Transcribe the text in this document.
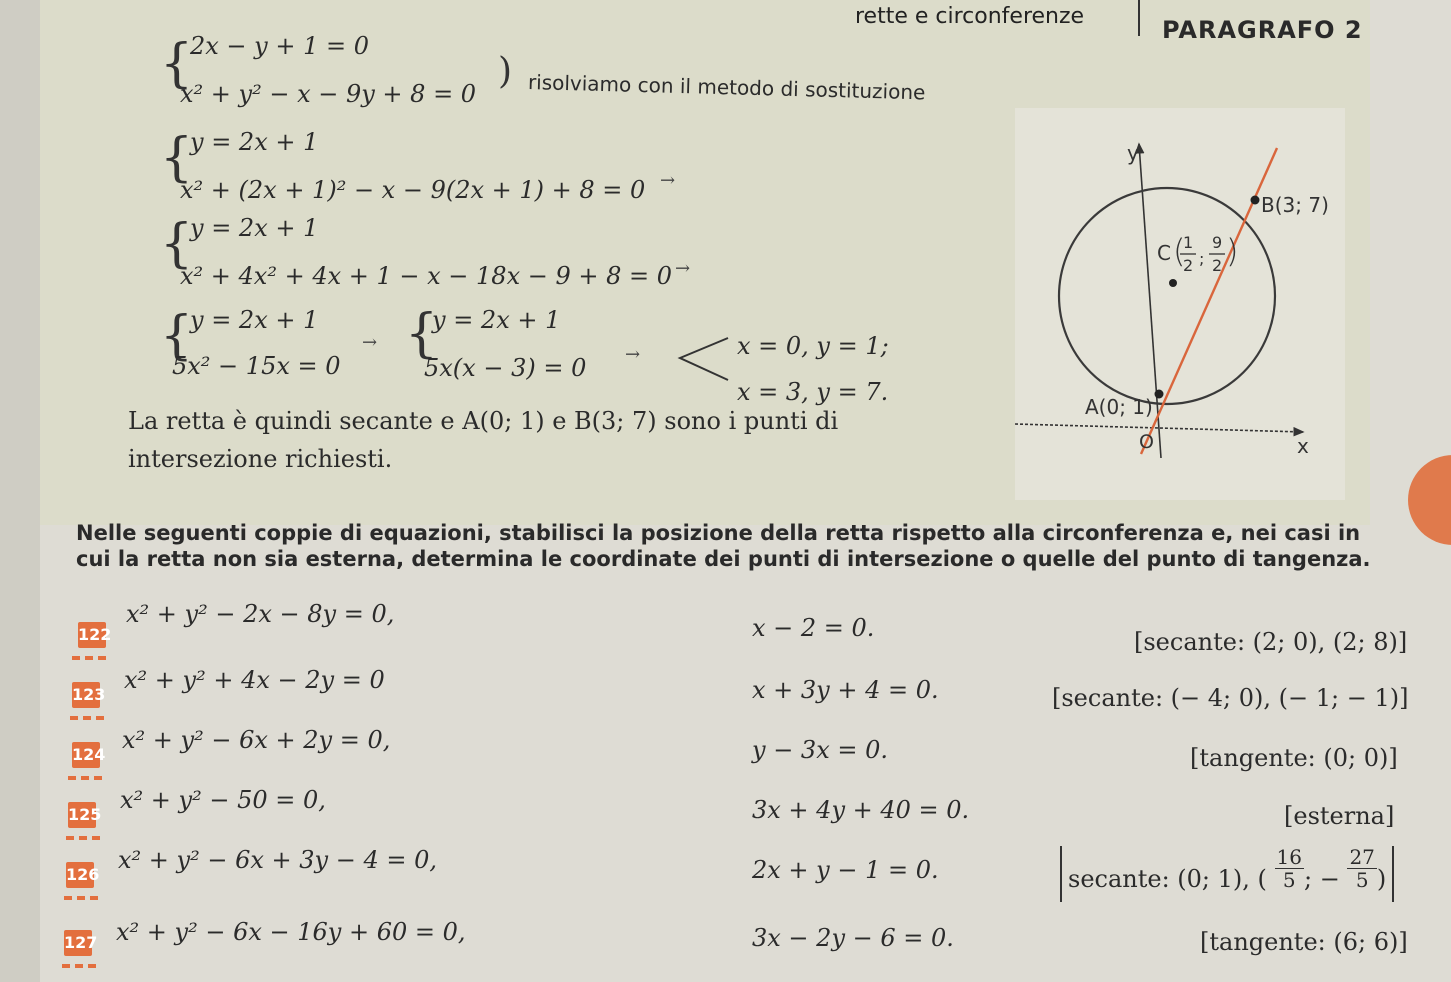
rette e circonferenze	PARAGRAFO 2
{
2x − y + 1 = 0
x² + y² − x − 9y + 8 = 0
) risolviamo con il metodo di sostituzione
{
y = 2x + 1
x² + (2x + 1)² − x − 9(2x + 1) + 8 = 0 →
{
y = 2x + 1
x² + 4x² + 4x + 1 − x − 18x − 9 + 8 = 0 →
{
y = 2x + 1
5x² − 15x = 0
→ {
y = 2x + 1
5x(x − 3) = 0 →	x = 0, y = 1;
x = 3, y = 7.
La retta è quindi secante e A(0; 1) e B(3; 7) sono i punti di intersezione richiesti.
y
x
O
B(3; 7)
A(0; 1)
C (
1
2 ;
9
2 )
Nelle seguenti coppie di equazioni, stabilisci la posizione della retta rispetto alla circonferenza e, nei casi in cui la retta non sia esterna, determina le coordinate dei punti di intersezione o quelle del punto di tangenza.
122
x² + y² − 2x − 8y = 0,	x − 2 = 0.	[secante: (2; 0), (2; 8)]
123
x² + y² + 4x − 2y = 0	x + 3y + 4 = 0.	[secante: (− 4; 0), (− 1; − 1)]
124
x² + y² − 6x + 2y = 0,	y − 3x = 0.	[tangente: (0; 0)]
125
x² + y² − 50 = 0,	3x + 4y + 40 = 0.	[esterna]
126
x² + y² − 6x + 3y − 4 = 0,	2x + y − 1 = 0.	secante: (0; 1), ( $\frac{16}{5}$ ; − $\frac{27}{5}$ )
127 x² + y² − 6x − 16y + 60 = 0,	3x − 2y − 6 = 0.	[tangente: (6; 6)]
